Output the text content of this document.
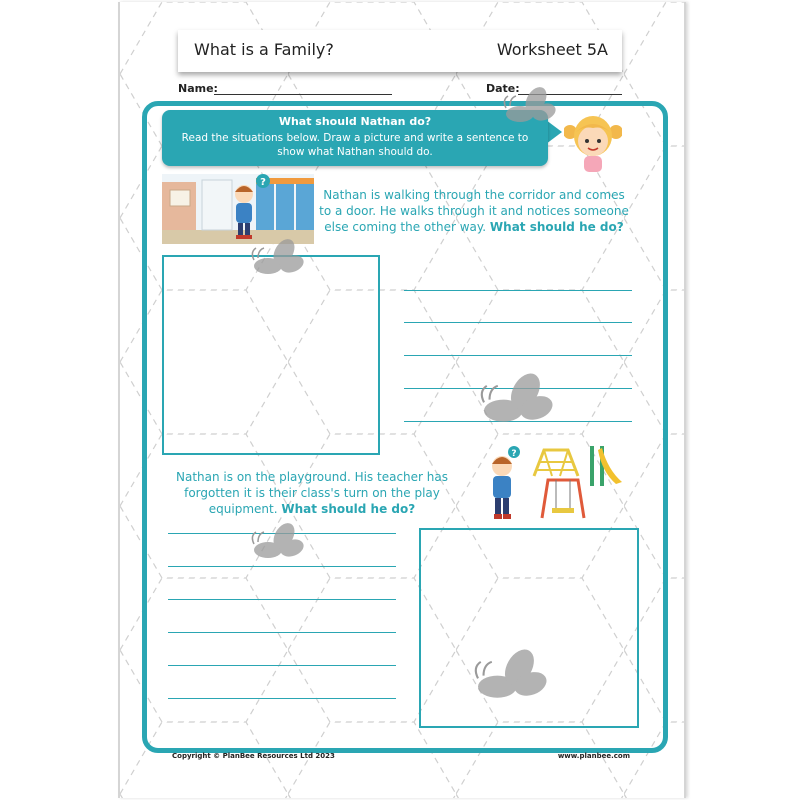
What is a Family?	Worksheet 5A
Name:	Date:
What should Nathan do?
Read the situations below. Draw a picture and write a sentence to show what Nathan should do.
?
Nathan is walking through the corridor and comes to a door. He walks through it and notices someone else coming the other way. What should he do?
?
Nathan is on the playground. His teacher has forgotten it is their class's turn on the play equipment. What should he do?
Copyright © PlanBee Resources Ltd 2023	www.planbee.com
